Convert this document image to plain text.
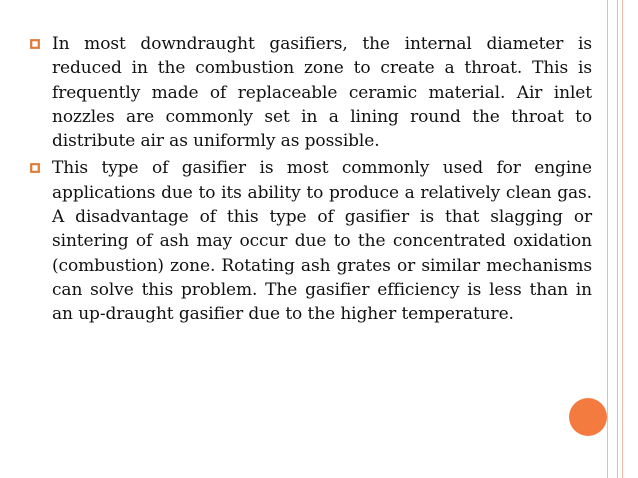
In most downdraught gasifiers, the internal diameter is reduced in the combustion zone to create a throat. This is frequently made of replaceable ceramic material. Air inlet nozzles are commonly set in a lining round the throat to distribute air as uniformly as possible.
This type of gasifier is most commonly used for engine applications due to its ability to produce a relatively clean gas. A disadvantage of this type of gasifier is that slagging or sintering of ash may occur due to the concentrated oxidation (combustion) zone. Rotating ash grates or similar mechanisms can solve this problem. The gasifier efficiency is less than in an up-draught gasifier due to the higher temperature.
